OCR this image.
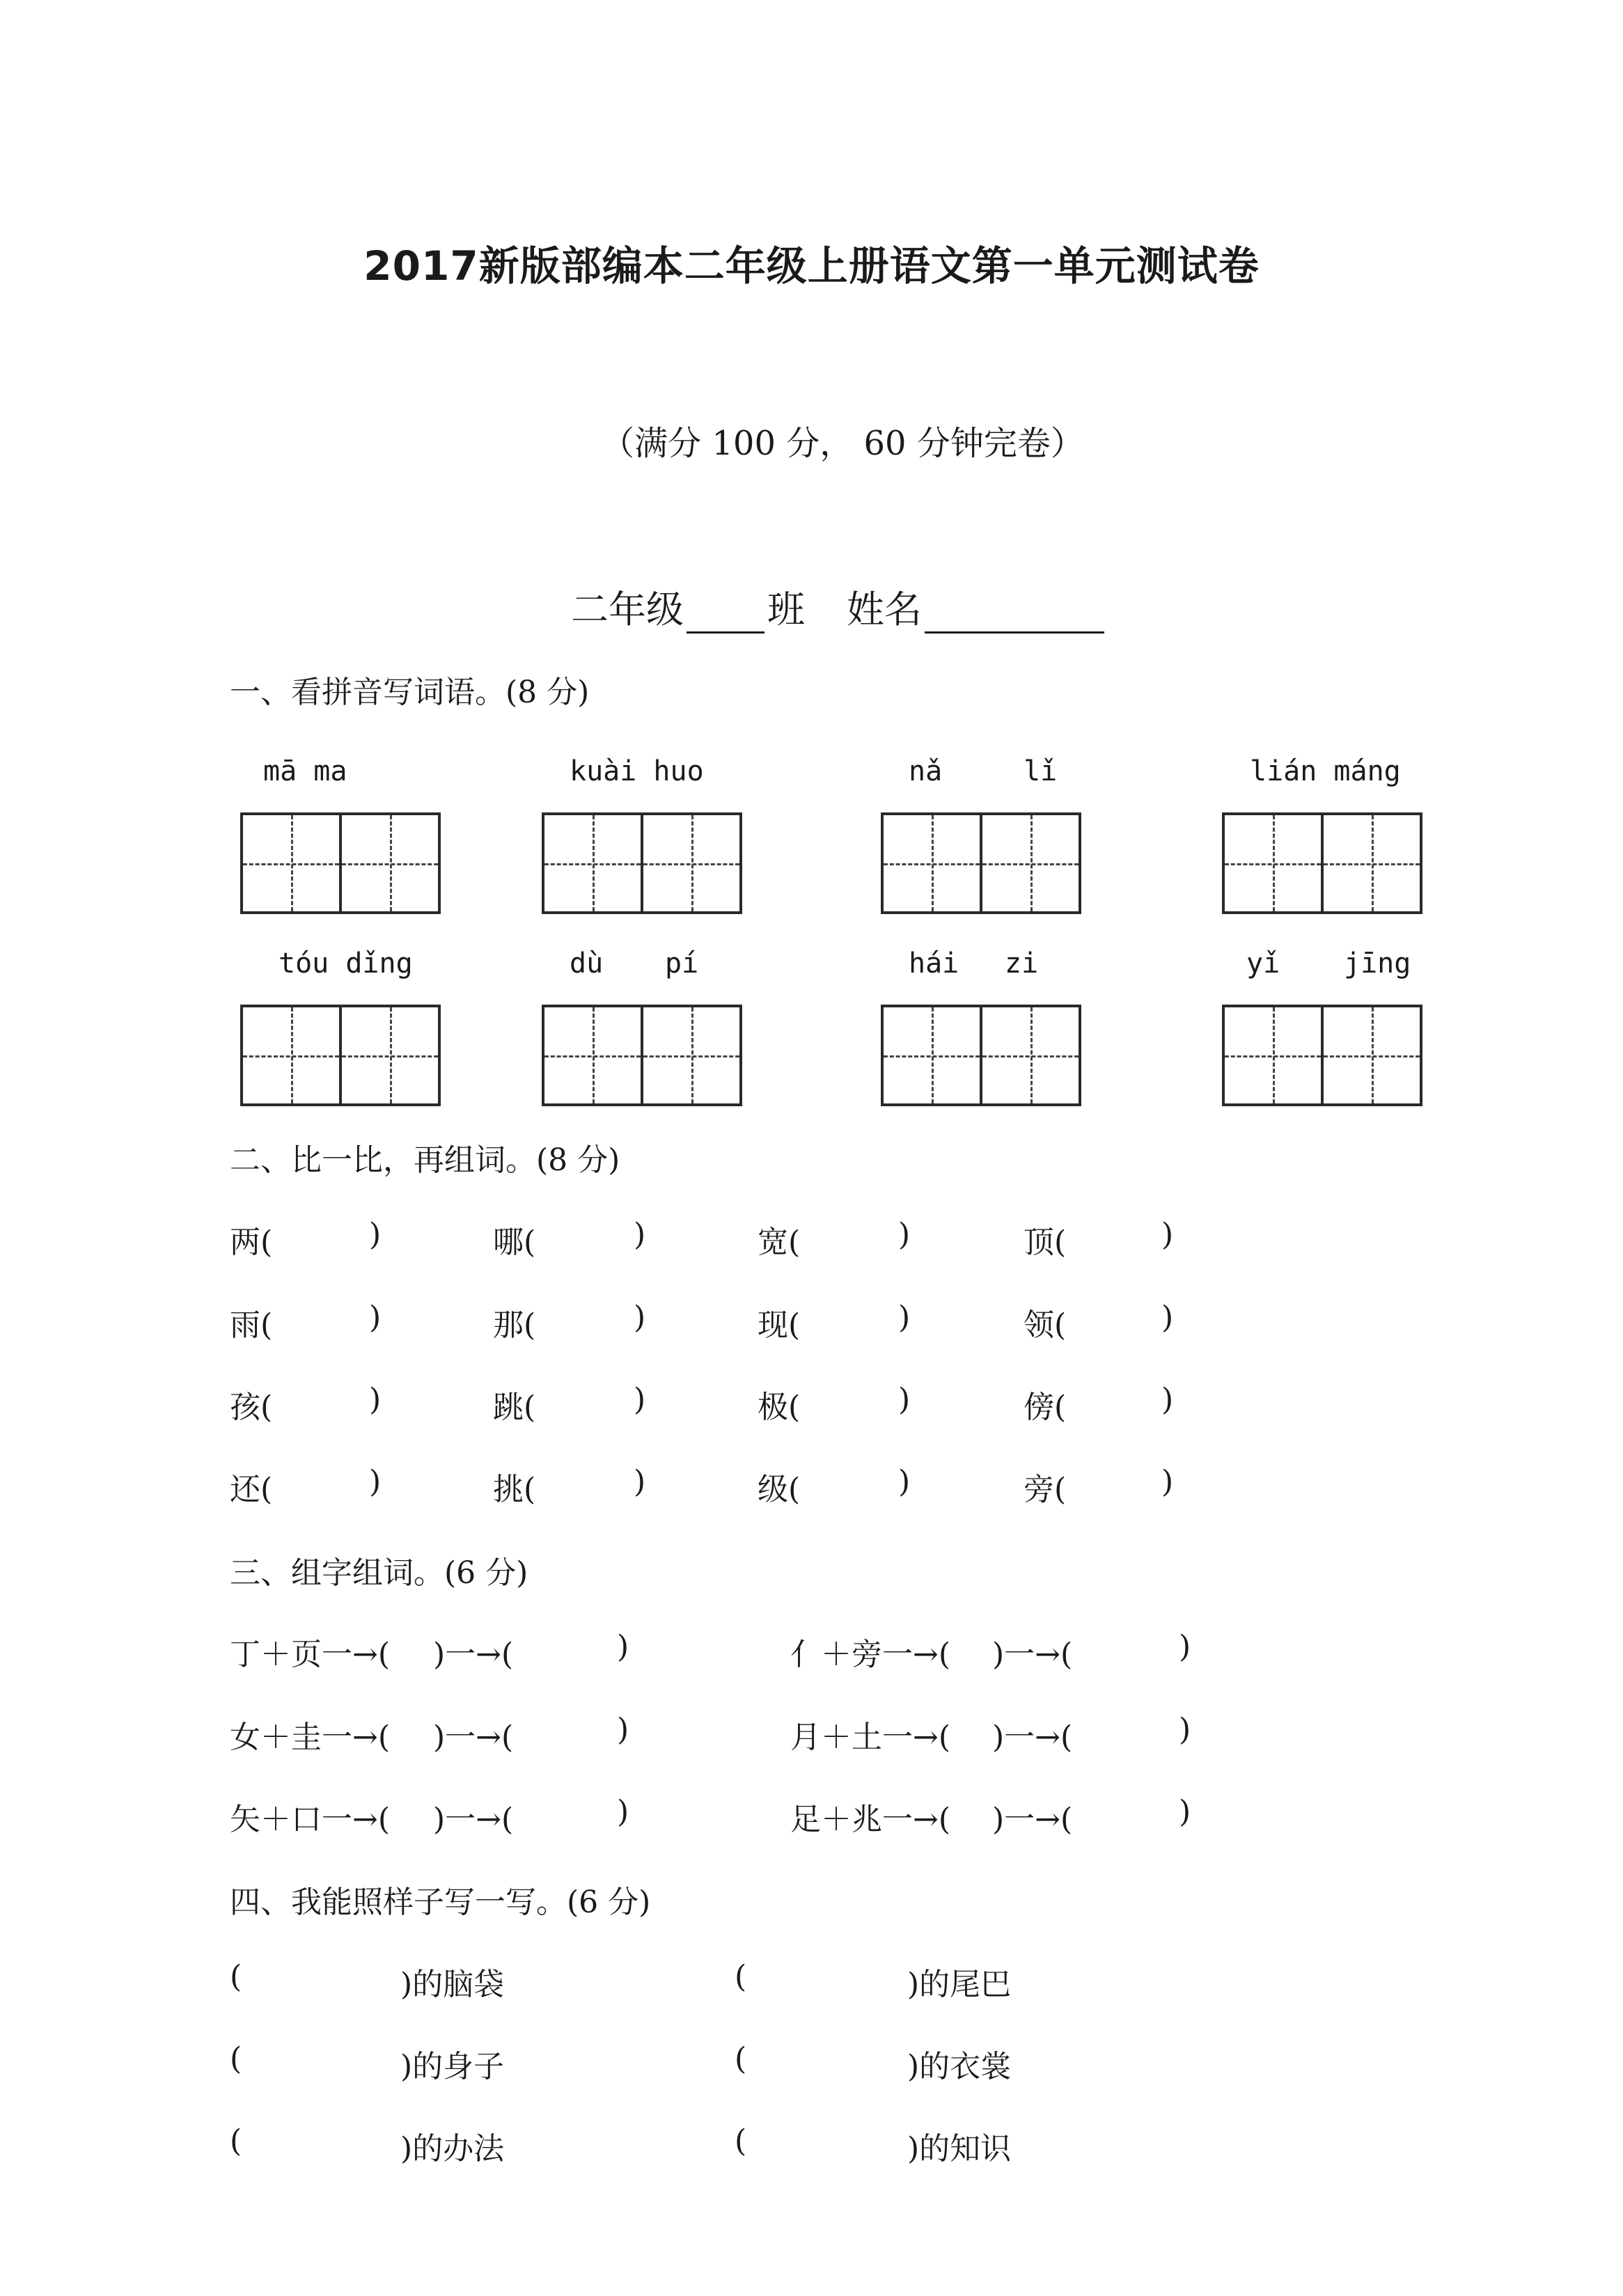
2017新版部编本二年级上册语文第一单元测试卷
（满分 100 分， 60 分钟完卷）
二年级 班 姓名
一、看拼音写词语。(8 分)
mā ma	kuài huo	nǎ	lǐ	lián máng
tóu dǐng	dù pí	hái zi	yǐ jīng
二、比一比，再组词。(8 分)
两(	)	哪(	)	宽(	)	顶(	)
雨(	)	那(	)	现(	)	领(	)
孩(	)	跳(	)	极(	)	傍(	)
还(	)	挑(	)	级(	)	旁(	)
三、组字组词。(6 分)
丁＋页一→( )一→(	)	亻＋旁一→( )一→(	)
女＋圭一→( )一→(	)	月＋土一→( )一→(	)
矢＋口一→( )一→(	)	足＋兆一→( )一→(	)
四、我能照样子写一写。(6 分)
(	)的脑袋	(	)的尾巴
(	)的身子	(	)的衣裳
(	)的办法	(	)的知识
